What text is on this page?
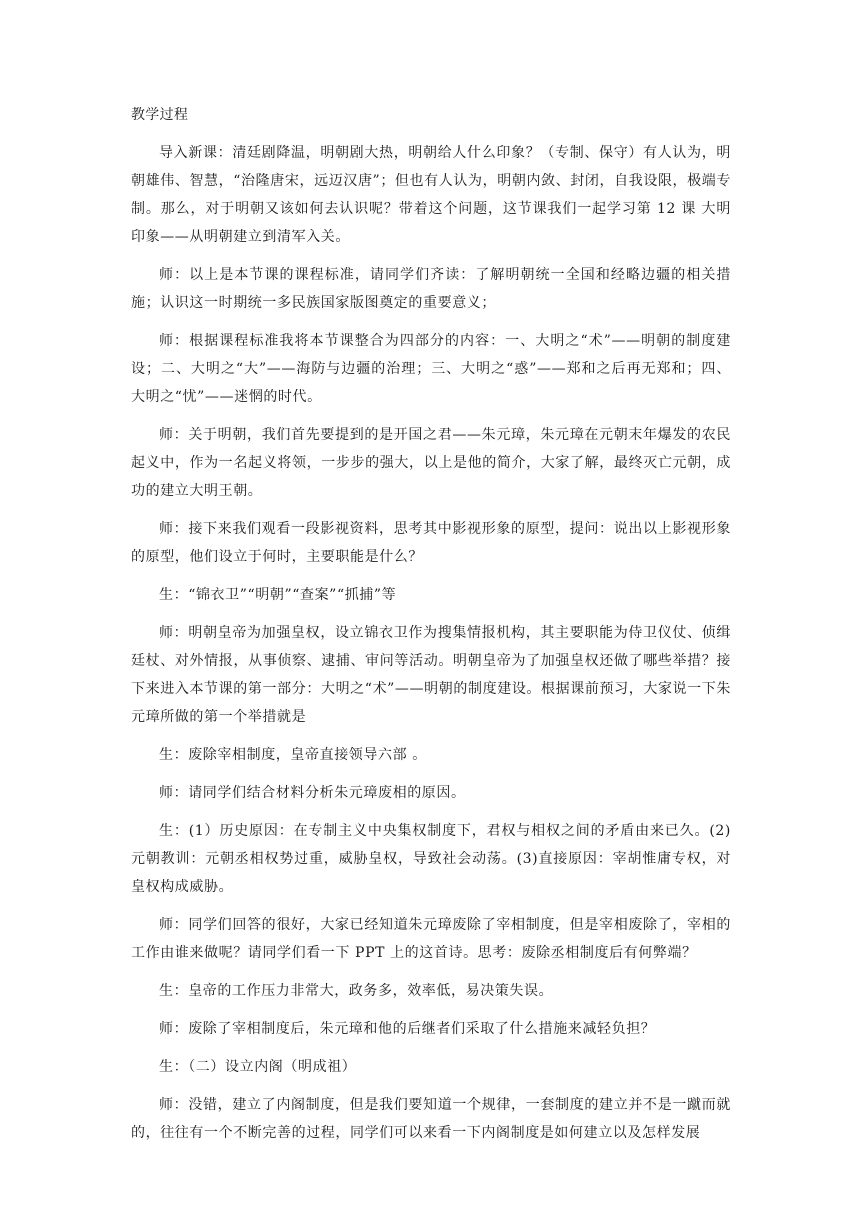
教学过程

导入新课：清廷剧降温，明朝剧大热，明朝给人什么印象？（专制、保守）有人认为，明朝雄伟、智慧，“治隆唐宋，远迈汉唐”；但也有人认为，明朝内敛、封闭，自我设限，极端专制。那么，对于明朝又该如何去认识呢？带着这个问题，这节课我们一起学习第 12 课 大明印象——从明朝建立到清军入关。

师：以上是本节课的课程标准，请同学们齐读：了解明朝统一全国和经略边疆的相关措施；认识这一时期统一多民族国家版图奠定的重要意义；

师：根据课程标准我将本节课整合为四部分的内容：一、大明之“术”——明朝的制度建设；二、大明之“大”——海防与边疆的治理；三、大明之“惑”——郑和之后再无郑和；四、大明之“忧”——迷惘的时代。

师：关于明朝，我们首先要提到的是开国之君——朱元璋，朱元璋在元朝末年爆发的农民起义中，作为一名起义将领，一步步的强大，以上是他的简介，大家了解，最终灭亡元朝，成功的建立大明王朝。

师：接下来我们观看一段影视资料，思考其中影视形象的原型，提问：说出以上影视形象的原型，他们设立于何时，主要职能是什么？

生：“锦衣卫”“明朝”“查案”“抓捕”等

师：明朝皇帝为加强皇权，设立锦衣卫作为搜集情报机构，其主要职能为侍卫仪仗、侦缉廷杖、对外情报，从事侦察、逮捕、审问等活动。明朝皇帝为了加强皇权还做了哪些举措？接下来进入本节课的第一部分：大明之“术”——明朝的制度建设。根据课前预习，大家说一下朱元璋所做的第一个举措就是

生：废除宰相制度，皇帝直接领导六部 。

师：请同学们结合材料分析朱元璋废相的原因。

生：(1）历史原因：在专制主义中央集权制度下，君权与相权之间的矛盾由来已久。(2) 元朝教训：元朝丞相权势过重，威胁皇权，导致社会动荡。(3)直接原因：宰胡惟庸专权，对皇权构成威胁。

师：同学们回答的很好，大家已经知道朱元璋废除了宰相制度，但是宰相废除了，宰相的工作由谁来做呢？请同学们看一下 PPT 上的这首诗。思考：废除丞相制度后有何弊端？

生：皇帝的工作压力非常大，政务多，效率低，易决策失误。

师：废除了宰相制度后，朱元璋和他的后继者们采取了什么措施来减轻负担？

生：（二）设立内阁（明成祖）

师：没错，建立了内阁制度，但是我们要知道一个规律，一套制度的建立并不是一蹴而就的，往往有一个不断完善的过程，同学们可以来看一下内阁制度是如何建立以及怎样发展
